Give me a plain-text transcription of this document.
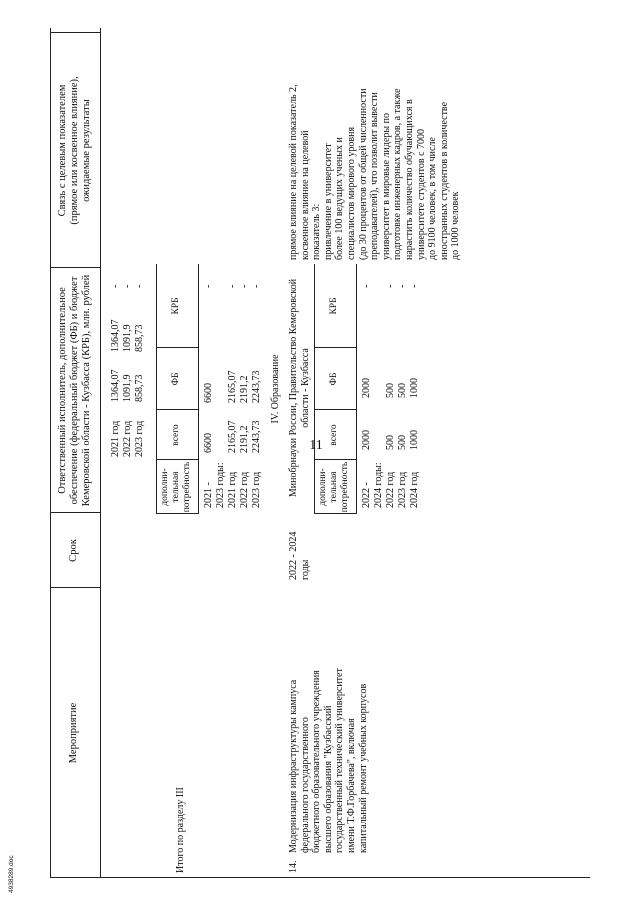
11
Мероприятие
Срок
Ответственный исполнитель, дополнительное
обеспечение (федеральный бюджет (ФБ) и бюджет
Кемеровской области - Кузбасса (КРБ), млн. рублей
Связь с целевым показателем
(прямое или косвенное влияние),
ожидаемые результаты
2021 год 2022 год 2023 год
1364,07 1091,9 858,73
1364,07 1091,9 858,73
- - -
Итого по разделу III
дополни-
тельная
потребность
всего
ФБ
КРБ
2021 -
2023 годы: 2021 год 2022 год 2023 год
6600 2165,07 2191,2 2243,73
6600 2165,07 2191,2 2243,73
- - - -
IV. Образование
14.
Модернизация инфраструктуры кампуса
федерального государственного
бюджетного образовательного учреждения
высшего образования "Кузбасский
государственный технический университет
имени Т.Ф.Горбачева", включая
капитальный ремонт учебных корпусов
2022 - 2024
годы
Минобрнауки России, Правительство Кемеровской
области - Кузбасса
дополни-
тельная
потребность
всего
ФБ
КРБ
2022 -
2024 годы: 2022 год 2023 год 2024 год
2000 500 500 1000
2000 500 500 1000
- - - -
прямое влияние на целевой показатель 2,
косвенное влияние на целевой
показатель 3:
привлечение в университет
более 100 ведущих ученых и
специалистов мирового уровня
(до 30 процентов от общей численности
преподавателей), что позволит вывести
университет в мировые лидеры по
подготовке инженерных кадров, а также
нарастить количество обучающихся в
университете студентов с 7000
до 9100 человек, в том числе
иностранных студентов в количестве
до 1000 человек
4938289.doc
